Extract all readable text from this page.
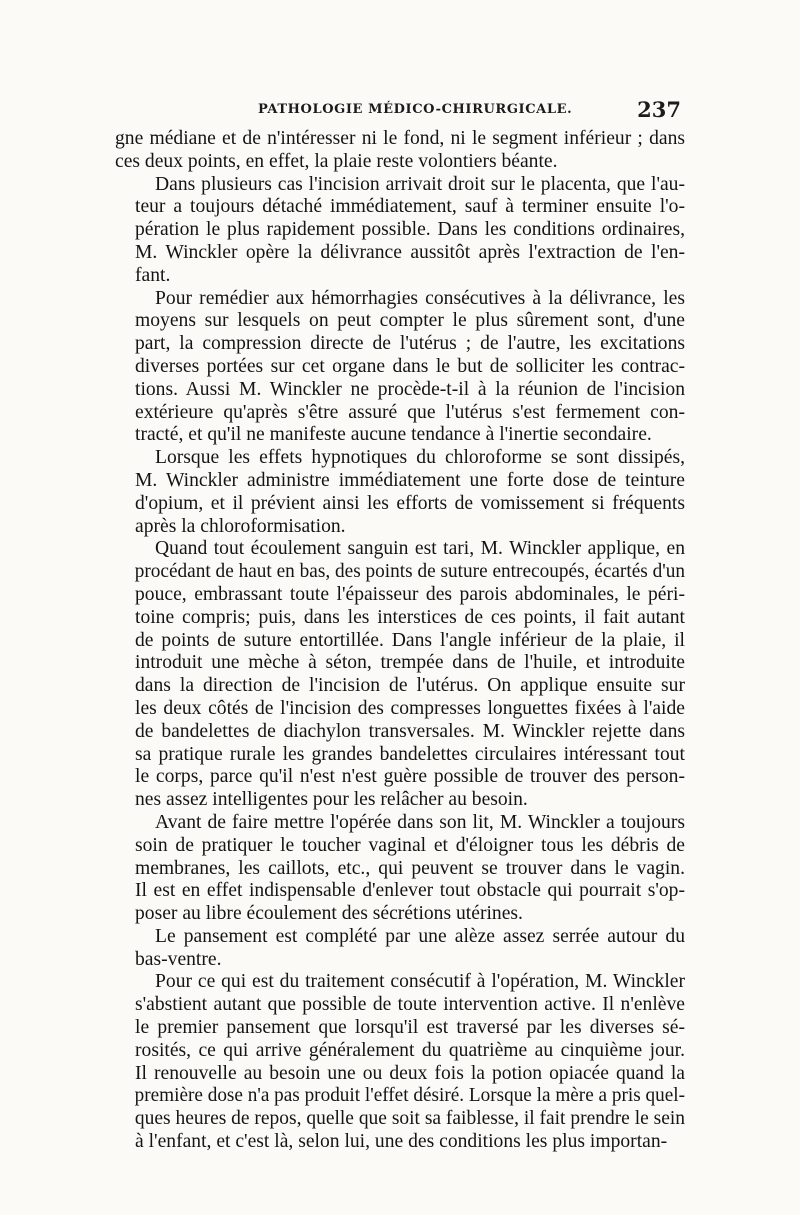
PATHOLOGIE MÉDICO-CHIRURGICALE.	237

gne médiane et de n'intéresser ni le fond, ni le segment inférieur ; dans
ces deux points, en effet, la plaie reste volontiers béante.

Dans plusieurs cas l'incision arrivait droit sur le placenta, que l'au-
teur a toujours détaché immédiatement, sauf à terminer ensuite l'o-
pération le plus rapidement possible. Dans les conditions ordinaires,
M. Winckler opère la délivrance aussitôt après l'extraction de l'en-
fant.

Pour remédier aux hémorrhagies consécutives à la délivrance, les
moyens sur lesquels on peut compter le plus sûrement sont, d'une
part, la compression directe de l'utérus ; de l'autre, les excitations
diverses portées sur cet organe dans le but de solliciter les contrac-
tions. Aussi M. Winckler ne procède-t-il à la réunion de l'incision
extérieure qu'après s'être assuré que l'utérus s'est fermement con-
tracté, et qu'il ne manifeste aucune tendance à l'inertie secondaire.

Lorsque les effets hypnotiques du chloroforme se sont dissipés,
M. Winckler administre immédiatement une forte dose de teinture
d'opium, et il prévient ainsi les efforts de vomissement si fréquents
après la chloroformisation.

Quand tout écoulement sanguin est tari, M. Winckler applique, en
procédant de haut en bas, des points de suture entrecoupés, écartés d'un
pouce, embrassant toute l'épaisseur des parois abdominales, le péri-
toine compris; puis, dans les interstices de ces points, il fait autant
de points de suture entortillée. Dans l'angle inférieur de la plaie, il
introduit une mèche à séton, trempée dans de l'huile, et introduite
dans la direction de l'incision de l'utérus. On applique ensuite sur
les deux côtés de l'incision des compresses longuettes fixées à l'aide
de bandelettes de diachylon transversales. M. Winckler rejette dans
sa pratique rurale les grandes bandelettes circulaires intéressant tout
le corps, parce qu'il n'est n'est guère possible de trouver des person-
nes assez intelligentes pour les relâcher au besoin.

Avant de faire mettre l'opérée dans son lit, M. Winckler a toujours
soin de pratiquer le toucher vaginal et d'éloigner tous les débris de
membranes, les caillots, etc., qui peuvent se trouver dans le vagin.
Il est en effet indispensable d'enlever tout obstacle qui pourrait s'op-
poser au libre écoulement des sécrétions utérines.

Le pansement est complété par une alèze assez serrée autour du
bas-ventre.

Pour ce qui est du traitement consécutif à l'opération, M. Winckler
s'abstient autant que possible de toute intervention active. Il n'enlève
le premier pansement que lorsqu'il est traversé par les diverses sé-
rosités, ce qui arrive généralement du quatrième au cinquième jour.
Il renouvelle au besoin une ou deux fois la potion opiacée quand la
première dose n'a pas produit l'effet désiré. Lorsque la mère a pris quel-
ques heures de repos, quelle que soit sa faiblesse, il fait prendre le sein
à l'enfant, et c'est là, selon lui, une des conditions les plus importan-
